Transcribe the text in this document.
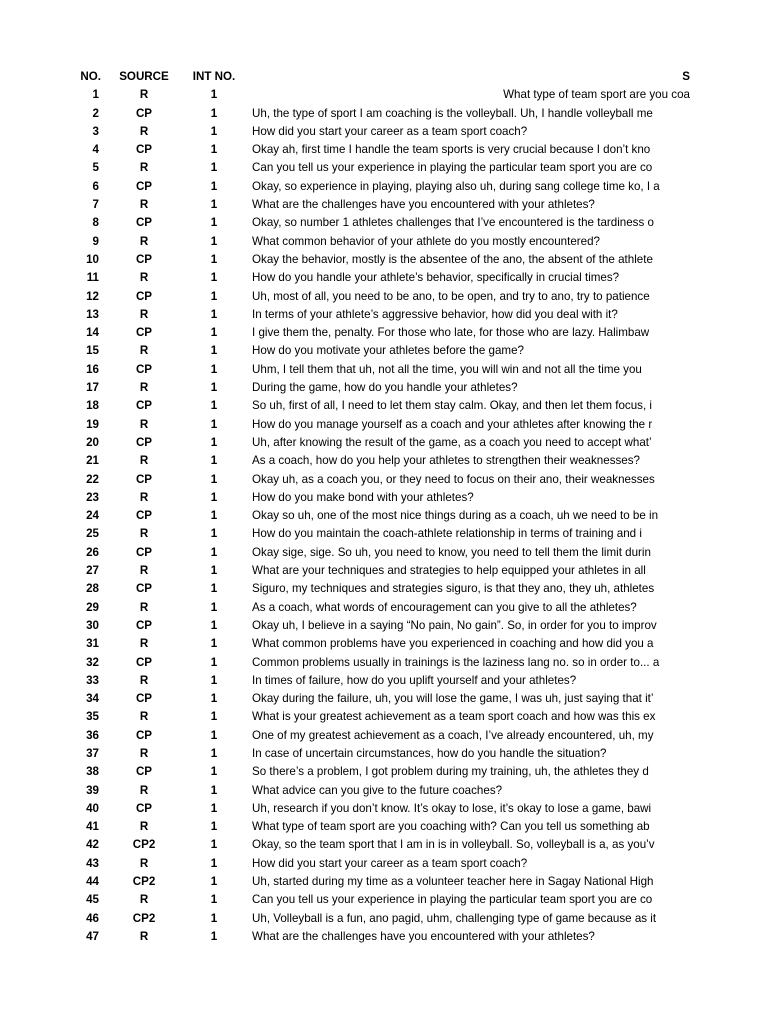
NO.	SOURCE	INT NO.	S
1	R	1	What type of team sport are you coa
2	CP	1	Uh, the type of sport I am coaching is the volleyball. Uh, I handle volleyball me
3	R	1	How did you start your career as a team sport coach?
4	CP	1	Okay ah, first time I handle the team sports is very crucial because I don’t kno
5	R	1	Can you tell us your experience in playing the particular team sport you are co
6	CP	1	Okay, so experience in playing, playing also uh, during sang college time ko, I a
7	R	1	What are the challenges have you encountered with your athletes?
8	CP	1	Okay, so number 1 athletes challenges that I’ve encountered is the tardiness o
9	R	1	What common behavior of your athlete do you mostly encountered?
10	CP	1	Okay the behavior, mostly is the absentee of the ano, the absent of the athlete
11	R	1	How do you handle your athlete’s behavior, specifically in crucial times?
12	CP	1	Uh, most of all, you need to be ano, to be open, and try to ano, try to patience
13	R	1	In terms of your athlete’s aggressive behavior, how did you deal with it?
14	CP	1	I give them the, penalty. For those who late, for those who are lazy. Halimbaw
15	R	1	How do you motivate your athletes before the game?
16	CP	1	Uhm, I tell them that uh, not all the time, you will win and not all the time you
17	R	1	During the game, how do you handle your athletes?
18	CP	1	So uh, first of all, I need to let them stay calm. Okay, and then let them focus, i
19	R	1	How do you manage yourself as a coach and your athletes after knowing the r
20	CP	1	Uh, after knowing the result of the game, as a coach you need to accept what’
21	R	1	As a coach, how do you help your athletes to strengthen their weaknesses?
22	CP	1	Okay uh, as a coach you, or they need to focus on their ano, their weaknesses
23	R	1	How do you make bond with your athletes?
24	CP	1	Okay so uh, one of the most nice things during as a coach, uh we need to be in
25	R	1	How do you maintain the coach-athlete relationship in terms of training and i
26	CP	1	Okay sige, sige. So uh, you need to know, you need to tell them the limit durin
27	R	1	What are your techniques and strategies to help equipped your athletes in all
28	CP	1	Siguro, my techniques and strategies siguro, is that they ano, they uh, athletes
29	R	1	As a coach, what words of encouragement can you give to all the athletes?
30	CP	1	Okay uh, I believe in a saying “No pain, No gain”. So, in order for you to improv
31	R	1	What common problems have you experienced in coaching and how did you a
32	CP	1	Common problems usually in trainings is the laziness lang no. so in order to... a
33	R	1	In times of failure, how do you uplift yourself and your athletes?
34	CP	1	Okay during the failure, uh, you will lose the game, I was uh, just saying that it’
35	R	1	What is your greatest achievement as a team sport coach and how was this ex
36	CP	1	One of my greatest achievement as a coach, I’ve already encountered, uh, my
37	R	1	In case of uncertain circumstances, how do you handle the situation?
38	CP	1	So there’s a problem, I got problem during my training, uh, the athletes they d
39	R	1	What advice can you give to the future coaches?
40	CP	1	Uh, research if you don’t know. It’s okay to lose, it’s okay to lose a game, bawi
41	R	1	What type of team sport are you coaching with? Can you tell us something ab
42	CP2	1	Okay, so the team sport that I am in is in volleyball. So, volleyball is a, as you’v
43	R	1	How did you start your career as a team sport coach?
44	CP2	1	Uh, started during my time as a volunteer teacher here in Sagay National High
45	R	1	Can you tell us your experience in playing the particular team sport you are co
46	CP2	1	Uh, Volleyball is a fun, ano pagid, uhm, challenging type of game because as it
47	R	1	What are the challenges have you encountered with your athletes?
